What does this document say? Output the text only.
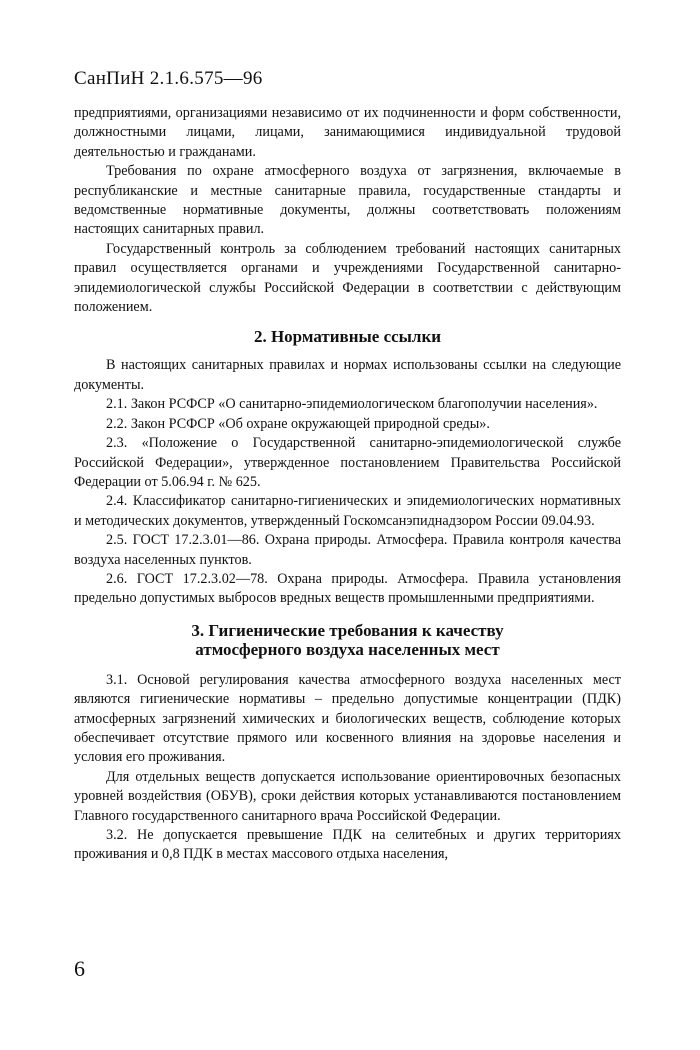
СанПиН 2.1.6.575—96

предприятиями, организациями независимо от их подчиненности и форм собственности, должностными лицами, лицами, занимающимися индивидуальной трудовой деятельностью и гражданами.

Требования по охране атмосферного воздуха от загрязнения, включаемые в республиканские и местные санитарные правила, государственные стандарты и ведомственные нормативные документы, должны соответствовать положениям настоящих санитарных правил.

Государственный контроль за соблюдением требований настоящих санитарных правил осуществляется органами и учреждениями Государственной санитарно-эпидемиологической службы Российской Федерации в соответствии с действующим положением.

2. Нормативные ссылки

В настоящих санитарных правилах и нормах использованы ссылки на следующие документы.

2.1. Закон РСФСР «О санитарно-эпидемиологическом благополучии населения».

2.2. Закон РСФСР «Об охране окружающей природной среды».

2.3. «Положение о Государственной санитарно-эпидемиологической службе Российской Федерации», утвержденное постановлением Правительства Российской Федерации от 5.06.94 г. № 625.

2.4. Классификатор санитарно-гигиенических и эпидемиологических нормативных и методических документов, утвержденный Госкомсанэпиднадзором России 09.04.93.

2.5. ГОСТ 17.2.3.01—86. Охрана природы. Атмосфера. Правила контроля качества воздуха населенных пунктов.

2.6. ГОСТ 17.2.3.02—78. Охрана природы. Атмосфера. Правила установления предельно допустимых выбросов вредных веществ промышленными предприятиями.

3. Гигиенические требования к качеству
атмосферного воздуха населенных мест

3.1. Основой регулирования качества атмосферного воздуха населенных мест являются гигиенические нормативы – предельно допустимые концентрации (ПДК) атмосферных загрязнений химических и биологических веществ, соблюдение которых обеспечивает отсутствие прямого или косвенного влияния на здоровье населения и условия его проживания.

Для отдельных веществ допускается использование ориентировочных безопасных уровней воздействия (ОБУВ), сроки действия которых устанавливаются постановлением Главного государственного санитарного врача Российской Федерации.

3.2. Не допускается превышение ПДК на селитебных и других территориях проживания и 0,8 ПДК в местах массового отдыха населения,

6
